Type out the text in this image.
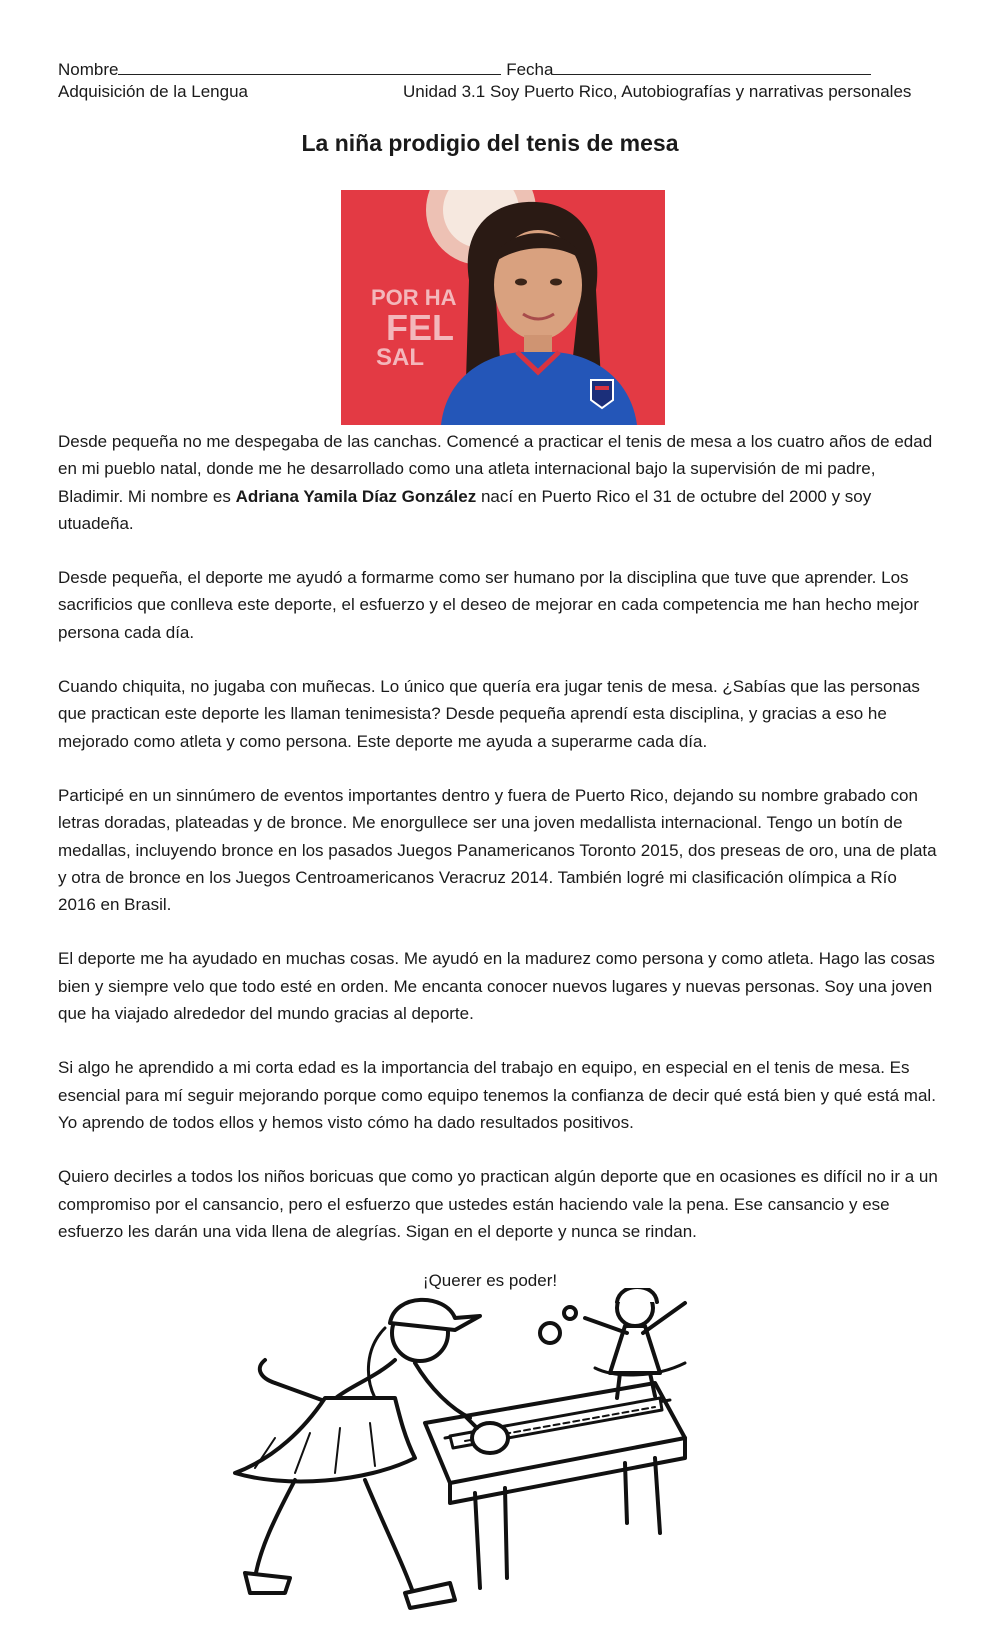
Nombre	Fecha
Adquisición de la Lengua	Unidad 3.1 Soy Puerto Rico, Autobiografías y narrativas personales
La niña prodigio del tenis de mesa
POR HA
FEL
SAL

Desde pequeña no me despegaba de las canchas. Comencé a practicar el tenis de mesa a los cuatro años de edad en mi pueblo natal, donde me he desarrollado como una atleta internacional bajo la supervisión de mi padre, Bladimir. Mi nombre es Adriana Yamila Díaz González nací en Puerto Rico el 31 de octubre del 2000 y soy utuadeña.

Desde pequeña, el deporte me ayudó a formarme como ser humano por la disciplina que tuve que aprender. Los sacrificios que conlleva este deporte, el esfuerzo y el deseo de mejorar en cada competencia me han hecho mejor persona cada día.

Cuando chiquita, no jugaba con muñecas. Lo único que quería era jugar tenis de mesa. ¿Sabías que las personas que practican este deporte les llaman tenimesista? Desde pequeña aprendí esta disciplina, y gracias a eso he mejorado como atleta y como persona. Este deporte me ayuda a superarme cada día.

Participé en un sinnúmero de eventos importantes dentro y fuera de Puerto Rico, dejando su nombre grabado con letras doradas, plateadas y de bronce. Me enorgullece ser una joven medallista internacional. Tengo un botín de medallas, incluyendo bronce en los pasados Juegos Panamericanos Toronto 2015, dos preseas de oro, una de plata y otra de bronce en los Juegos Centroamericanos Veracruz 2014. También logré mi clasificación olímpica a Río 2016 en Brasil.

El deporte me ha ayudado en muchas cosas. Me ayudó en la madurez como persona y como atleta. Hago las cosas bien y siempre velo que todo esté en orden. Me encanta conocer nuevos lugares y nuevas personas. Soy una joven que ha viajado alrededor del mundo gracias al deporte.

Si algo he aprendido a mi corta edad es la importancia del trabajo en equipo, en especial en el tenis de mesa. Es esencial para mí seguir mejorando porque como equipo tenemos la confianza de decir qué está bien y qué está mal. Yo aprendo de todos ellos y hemos visto cómo ha dado resultados positivos.

Quiero decirles a todos los niños boricuas que como yo practican algún deporte que en ocasiones es difícil no ir a un compromiso por el cansancio, pero el esfuerzo que ustedes están haciendo vale la pena. Ese cansancio y ese esfuerzo les darán una vida llena de alegrías. Sigan en el deporte y nunca se rindan.

¡Querer es poder!
